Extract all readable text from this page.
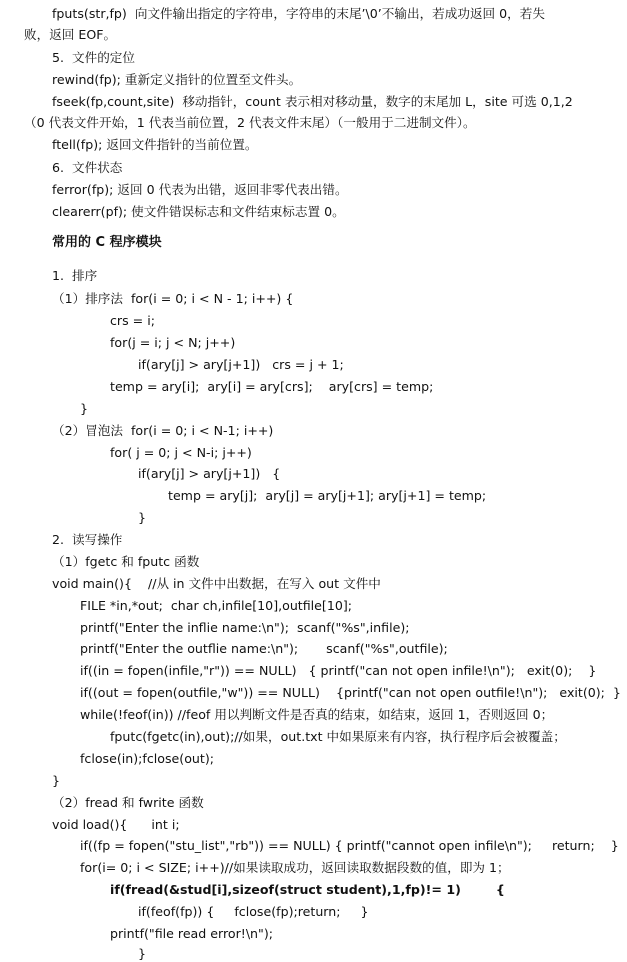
fputs(str,fp)  向文件输出指定的字符串，字符串的末尾’\0’不输出，若成功返回 0，若失
败，返回 EOF。
5.  文件的定位
rewind(fp); 重新定义指针的位置至文件头。
fseek(fp,count,site)  移动指针，count 表示相对移动量，数字的末尾加 L，site 可选 0,1,2
（0 代表文件开始，1 代表当前位置，2 代表文件末尾）（一般用于二进制文件）。
ftell(fp); 返回文件指针的当前位置。
6.  文件状态
ferror(fp); 返回 0 代表为出错，返回非零代表出错。
clearerr(pf); 使文件错误标志和文件结束标志置 0。
常用的 C 程序模块
1.  排序
（1）排序法  for(i = 0; i < N - 1; i++) {
crs = i;
for(j = i; j < N; j++)
if(ary[j] > ary[j+1])   crs = j + 1;
temp = ary[i];  ary[i] = ary[crs];    ary[crs] = temp;
}
（2）冒泡法  for(i = 0; i < N-1; i++)
for( j = 0; j < N-i; j++)
if(ary[j] > ary[j+1])   {
temp = ary[j];  ary[j] = ary[j+1]; ary[j+1] = temp;
}
2.  读写操作
（1）fgetc 和 fputc 函数
void main(){    //从 in 文件中出数据，在写入 out 文件中
FILE *in,*out;  char ch,infile[10],outfile[10];
printf("Enter the inflie name:\n");  scanf("%s",infile);
printf("Enter the outflie name:\n");       scanf("%s",outfile);
if((in = fopen(infile,"r")) == NULL)   { printf("can not open infile!\n");   exit(0);    }
if((out = fopen(outfile,"w")) == NULL)    {printf("can not open outfile!\n");   exit(0);  }
while(!feof(in)) //feof 用以判断文件是否真的结束，如结束，返回 1，否则返回 0；
fputc(fgetc(in),out);//如果，out.txt 中如果原来有内容，执行程序后会被覆盖；
fclose(in);fclose(out);
}
（2）fread 和 fwrite 函数
void load(){      int i;
if((fp = fopen("stu_list","rb")) == NULL) { printf("cannot open infile\n");     return;    }
for(i= 0; i < SIZE; i++)//如果读取成功，返回读取数据段数的值，即为 1；
if(fread(&stud[i],sizeof(struct student),1,fp)!= 1)        {
if(feof(fp)) {     fclose(fp);return;     }
printf("file read error!\n");
}
